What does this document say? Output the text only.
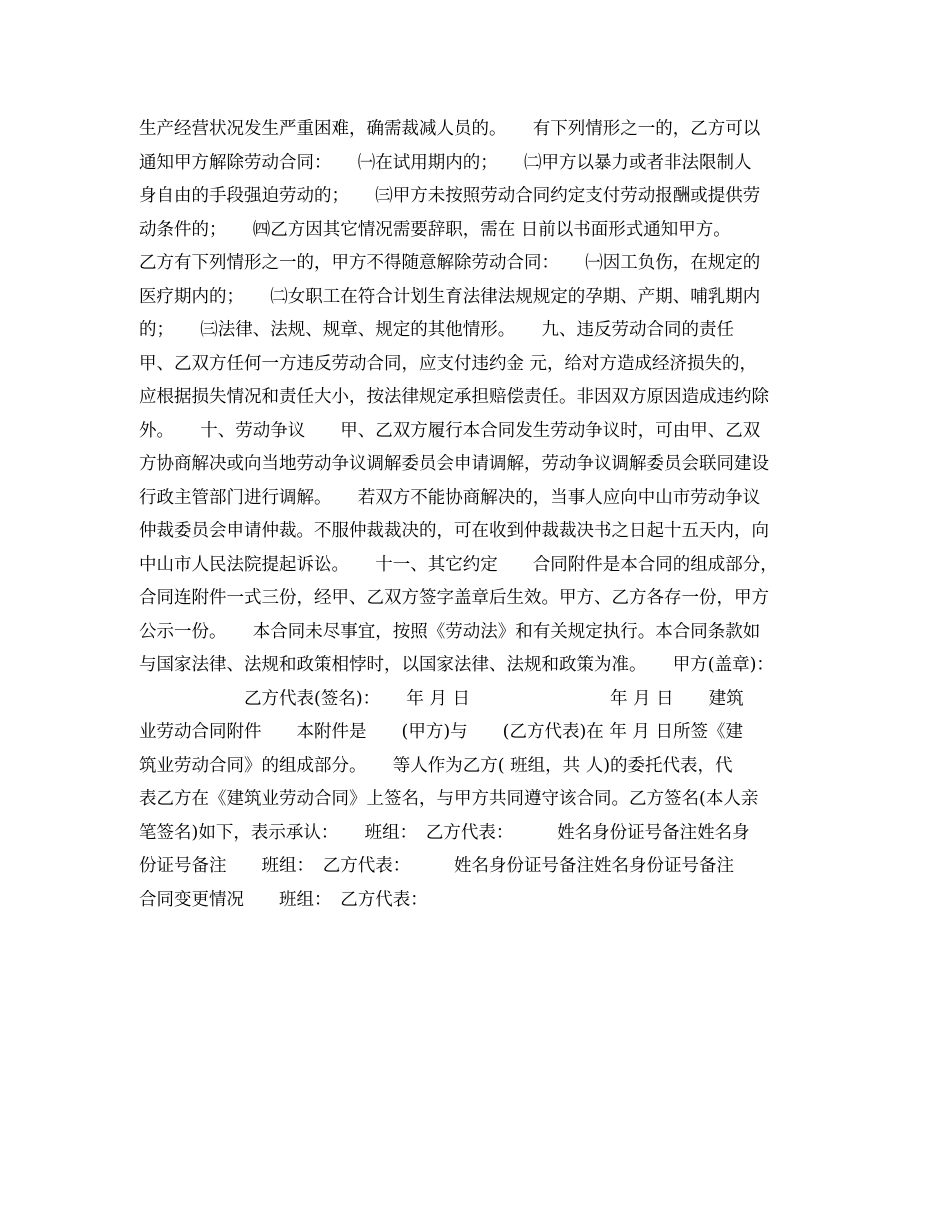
生产经营状况发生严重困难，确需裁减人员的。　　有下列情形之一的，乙方可以
通知甲方解除劳动合同：　　㈠在试用期内的；　　㈡甲方以暴力或者非法限制人
身自由的手段强迫劳动的；　　㈢甲方未按照劳动合同约定支付劳动报酬或提供劳
动条件的；　　㈣乙方因其它情况需要辞职，需在 日前以书面形式通知甲方。
乙方有下列情形之一的，甲方不得随意解除劳动合同：　　㈠因工负伤，在规定的
医疗期内的；　　㈡女职工在符合计划生育法律法规规定的孕期、产期、哺乳期内
的；　　㈢法律、法规、规章、规定的其他情形。　　九、违反劳动合同的责任
甲、乙双方任何一方违反劳动合同，应支付违约金 元，给对方造成经济损失的，
应根据损失情况和责任大小，按法律规定承担赔偿责任。非因双方原因造成违约除
外。　　十、劳动争议　　甲、乙双方履行本合同发生劳动争议时，可由甲、乙双
方协商解决或向当地劳动争议调解委员会申请调解，劳动争议调解委员会联同建设
行政主管部门进行调解。　　若双方不能协商解决的，当事人应向中山市劳动争议
仲裁委员会申请仲裁。不服仲裁裁决的，可在收到仲裁裁决书之日起十五天内，向
中山市人民法院提起诉讼。　　十一、其它约定　　合同附件是本合同的组成部分，
合同连附件一式三份，经甲、乙双方签字盖章后生效。甲方、乙方各存一份，甲方
公示一份。　　本合同未尽事宜，按照《劳动法》和有关规定执行。本合同条款如
与国家法律、法规和政策相悖时，以国家法律、法规和政策为准。　　甲方(盖章)：
　　　　　　乙方代表(签名)：　　年 月 日　　　　　　　　年 月 日　　建筑
业劳动合同附件　　本附件是　　(甲方)与　　(乙方代表)在 年 月 日所签《建
筑业劳动合同》的组成部分。　　等人作为乙方( 班组，共 人)的委托代表，代
表乙方在《建筑业劳动合同》上签名，与甲方共同遵守该合同。乙方签名(本人亲
笔签名)如下，表示承认：　　班组：　乙方代表：　　　姓名身份证号备注姓名身
份证号备注　　班组：　乙方代表：　　　姓名身份证号备注姓名身份证号备注
合同变更情况　　班组：　乙方代表：
